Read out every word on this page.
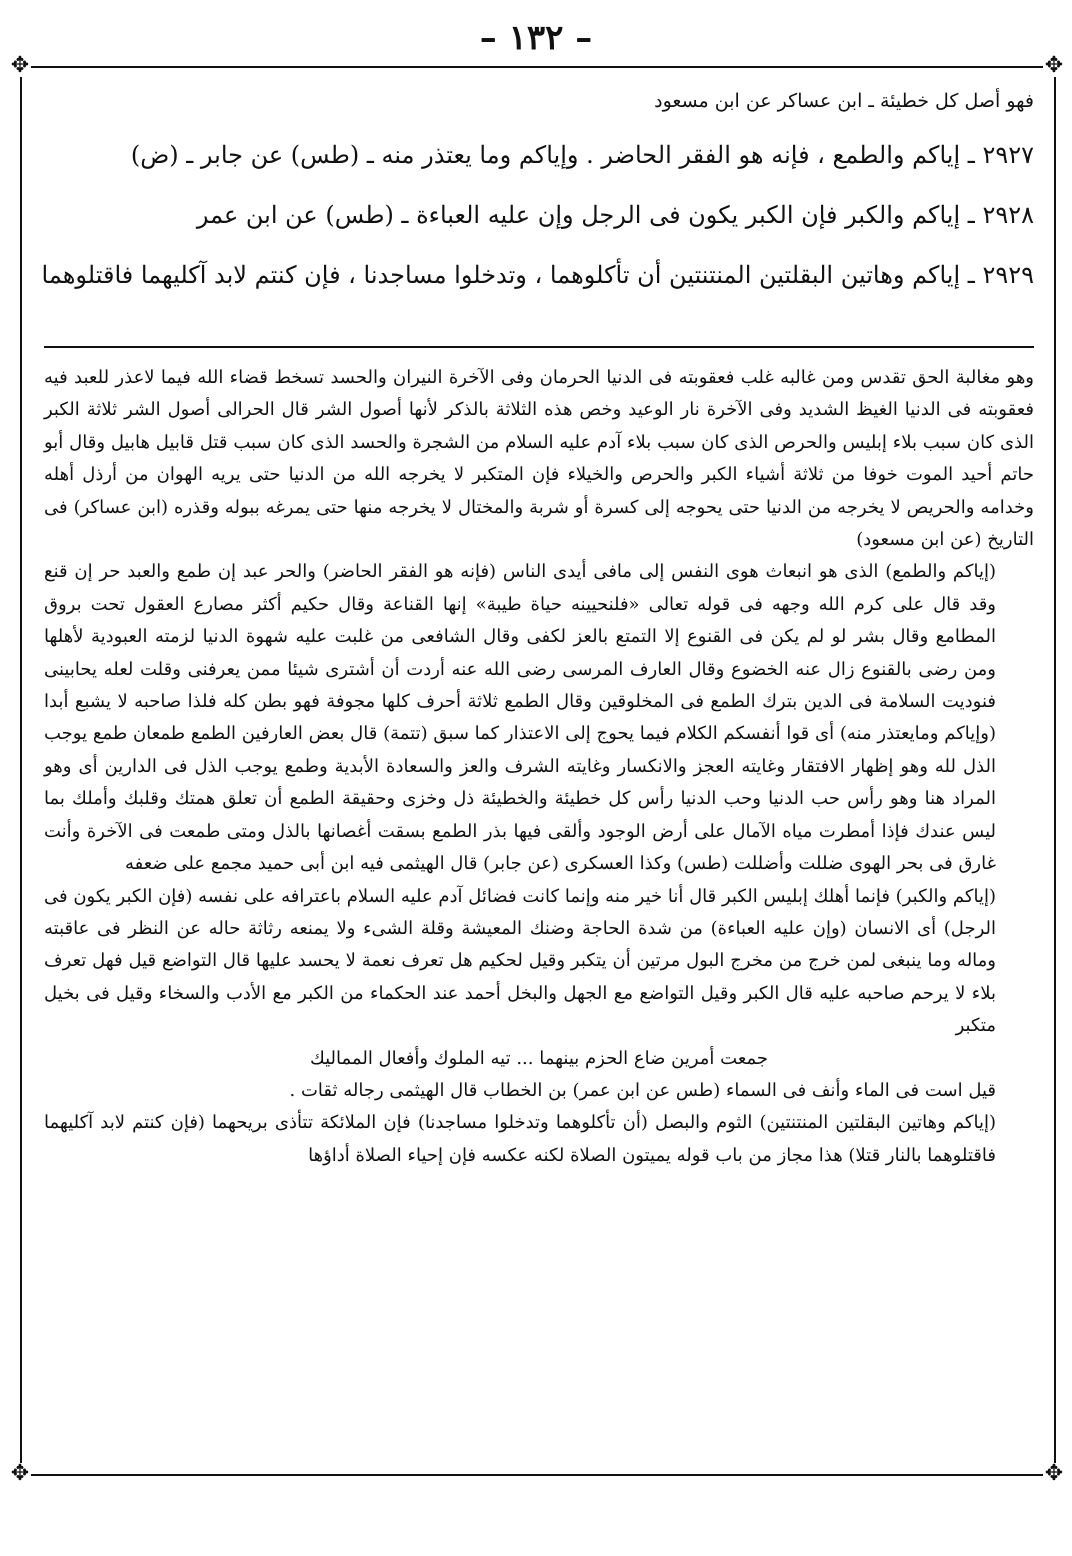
– ١٣٢ –
✥	✥
✥	✥
فهو أصل كل خطيئة ـ ابن عساكر عن ابن مسعود
٢٩٢٧ ـ إياكم والطمع ، فإنه هو الفقر الحاضر . وإياكم وما يعتذر منه ـ (طس) عن جابر ـ (ض)
٢٩٢٨ ـ إياكم والكبر فإن الكبر يكون فى الرجل وإن عليه العباءة ـ (طس) عن ابن عمر
٢٩٢٩ ـ إياكم وهاتين البقلتين المنتنتين أن تأكلوهما ، وتدخلوا مساجدنا ، فإن كنتم لابد آكليهما فاقتلوهما

وهو مغالبة الحق تقدس ومن غالبه غلب فعقوبته فى الدنيا الحرمان وفى الآخرة النيران والحسد تسخط قضاء الله فيما لاعذر للعبد فيه فعقوبته فى الدنيا الغيظ الشديد وفى الآخرة نار الوعيد وخص هذه الثلاثة بالذكر لأنها أصول الشر قال الحرالى أصول الشر ثلاثة الكبر الذى كان سبب بلاء إبليس والحرص الذى كان سبب بلاء آدم عليه السلام من الشجرة والحسد الذى كان سبب قتل قابيل هابيل وقال أبو حاتم أحيد الموت خوفا من ثلاثة أشياء الكبر والحرص والخيلاء فإن المتكبر لا يخرجه الله من الدنيا حتى يريه الهوان من أرذل أهله وخدامه والحريص لا يخرجه من الدنيا حتى يحوجه إلى كسرة أو شربة والمختال لا يخرجه منها حتى يمرغه ببوله وقذره (ابن عساكر) فى التاريخ (عن ابن مسعود)

(إياكم والطمع) الذى هو انبعاث هوى النفس إلى مافى أيدى الناس (فإنه هو الفقر الحاضر) والحر عبد إن طمع والعبد حر إن قنع وقد قال على كرم الله وجهه فى قوله تعالى «فلنحيينه حياة طيبة» إنها القناعة وقال حكيم أكثر مصارع العقول تحت بروق المطامع وقال بشر لو لم يكن فى القنوع إلا التمتع بالعز لكفى وقال الشافعى من غلبت عليه شهوة الدنيا لزمته العبودية لأهلها ومن رضى بالقنوع زال عنه الخضوع وقال العارف المرسى رضى الله عنه أردت أن أشترى شيئا ممن يعرفنى وقلت لعله يحابينى فنوديت السلامة فى الدين بترك الطمع فى المخلوقين وقال الطمع ثلاثة أحرف كلها مجوفة فهو بطن كله فلذا صاحبه لا يشبع أبدا (وإياكم ومايعتذر منه) أى قوا أنفسكم الكلام فيما يحوج إلى الاعتذار كما سبق (تتمة) قال بعض العارفين الطمع طمعان طمع يوجب الذل لله وهو إظهار الافتقار وغايته العجز والانكسار وغايته الشرف والعز والسعادة الأبدية وطمع يوجب الذل فى الدارين أى وهو المراد هنا وهو رأس حب الدنيا وحب الدنيا رأس كل خطيئة والخطيئة ذل وخزى وحقيقة الطمع أن تعلق همتك وقلبك وأملك بما ليس عندك فإذا أمطرت مياه الآمال على أرض الوجود وألقى فيها بذر الطمع بسقت أغصانها بالذل ومتى طمعت فى الآخرة وأنت غارق فى بحر الهوى ضللت وأضللت (طس) وكذا العسكرى (عن جابر) قال الهيثمى فيه ابن أبى حميد مجمع على ضعفه

(إياكم والكبر) فإنما أهلك إبليس الكبر قال أنا خير منه وإنما كانت فضائل آدم عليه السلام باعترافه على نفسه (فإن الكبر يكون فى الرجل) أى الانسان (وإن عليه العباءة) من شدة الحاجة وضنك المعيشة وقلة الشىء ولا يمنعه رثاثة حاله عن النظر فى عاقبته وماله وما ينبغى لمن خرج من مخرج البول مرتين أن يتكبر وقيل لحكيم هل تعرف نعمة لا يحسد عليها قال التواضع قيل فهل تعرف بلاء لا يرحم صاحبه عليه قال الكبر وقيل التواضع مع الجهل والبخل أحمد عند الحكماء من الكبر مع الأدب والسخاء وقيل فى بخيل متكبر

جمعت أمرين ضاع الحزم بينهما ... تيه الملوك وأفعال المماليك

قيل است فى الماء وأنف فى السماء (طس عن ابن عمر) بن الخطاب قال الهيثمى رجاله ثقات .

(إياكم وهاتين البقلتين المنتنتين) الثوم والبصل (أن تأكلوهما وتدخلوا مساجدنا) فإن الملائكة تتأذى بريحهما (فإن كنتم لابد آكليهما فاقتلوهما بالنار قتلا) هذا مجاز من باب قوله يميتون الصلاة لكنه عكسه فإن إحياء الصلاة أداؤها
